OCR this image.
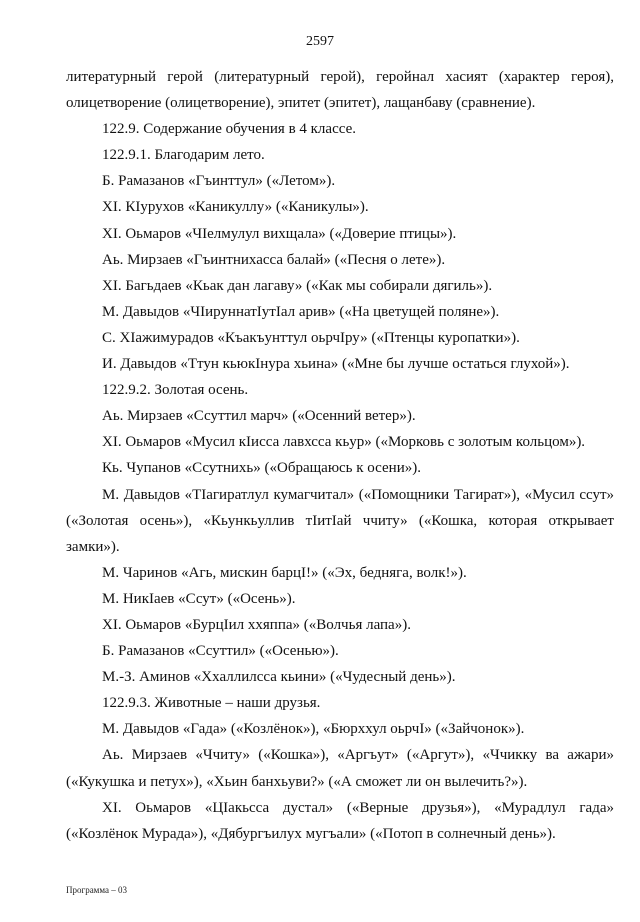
2597

литературный герой (литературный герой), геройнал хасият (характер героя), олицетворение (олицетворение), эпитет (эпитет), лащанбаву (сравнение).

122.9. Содержание обучения в 4 классе.

122.9.1. Благодарим лето.

Б. Рамазанов «Гъинттул» («Летом»).

ХI. КIурухов «Каникуллу» («Каникулы»).

ХI. Оьмаров «ЧIелмулул вихщала» («Доверие птицы»).

Аь. Мирзаев «Гъинтнихасса балай» («Песня о лете»).

ХI. Багьдаев «Кьак дан лагаву» («Как мы собирали дягиль»).

М. Давыдов «ЧIируннатIутIал арив» («На цветущей поляне»).

С. ХIажимурадов «Къакъунттул оьрчIру» («Птенцы куропатки»).

И. Давыдов «Ттун кьюкIнура хьина» («Мне бы лучше остаться глухой»).

122.9.2. Золотая осень.

Аь. Мирзаев «Ссуттил марч» («Осенний ветер»).

ХI. Оьмаров «Мусил кIисса лавхсса кьур» («Морковь с золотым кольцом»).

Кь. Чупанов «Ссутнихь» («Обращаюсь к осени»).

М. Давыдов «ТIагиратлул кумагчитал» («Помощники Тагират»), «Мусил ссут» («Золотая осень»), «Кьункьуллив тIитIай ччиту» («Кошка, которая открывает замки»).

М. Чаринов «Агь, мискин барцI!» («Эх, бедняга, волк!»).

М. НикIаев «Ссут» («Осень»).

ХI. Оьмаров «БурцIил ххяппа» («Волчья лапа»).

Б. Рамазанов «Ссуттил» («Осенью»).

М.-З. Аминов «Ххаллилсса кьини» («Чудесный день»).

122.9.3. Животные – наши друзья.

М. Давыдов «Гада» («Козлёнок»), «Бюрххул оьрчI» («Зайчонок»).

Аь. Мирзаев «Ччиту» («Кошка»), «Аргъут» («Аргут»), «Ччикку ва ажари» («Кукушка и петух»), «Хьин банхьуви?» («А сможет ли он вылечить?»).

ХI. Оьмаров «ЦIакьсса дустал» («Верные друзья»), «Мурадлул гада» («Козлёнок Мурада»), «Дябургъилух мугъали» («Потоп в солнечный день»).

Программа – 03
